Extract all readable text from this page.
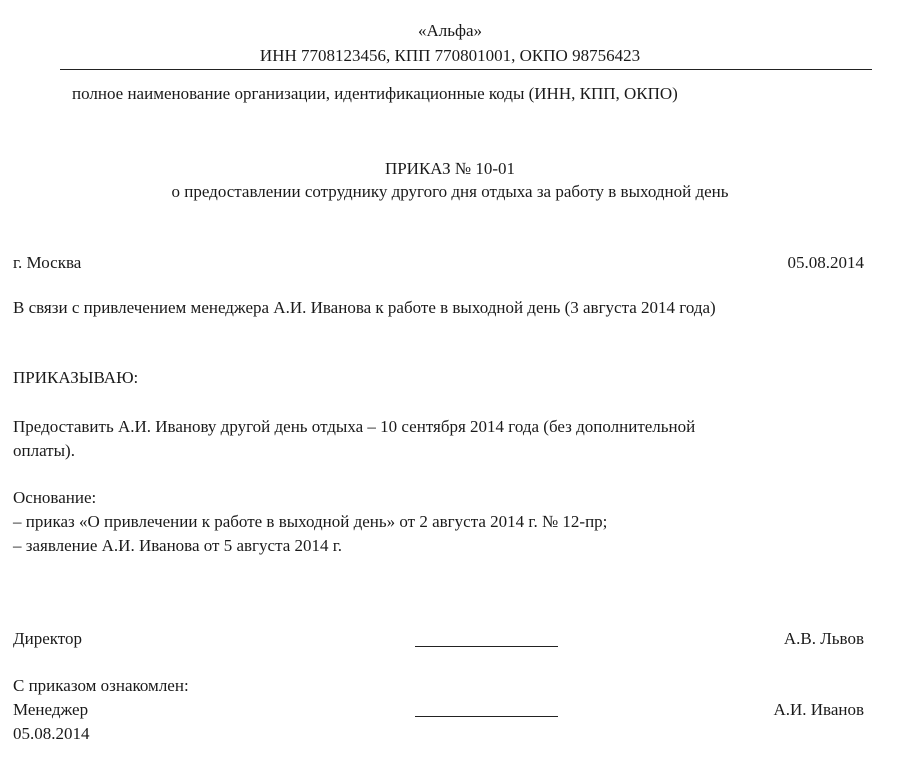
«Альфа»
ИНН 7708123456, КПП 770801001, ОКПО 98756423
полное наименование организации, идентификационные коды (ИНН, КПП, ОКПО)
ПРИКАЗ № 10-01
о предоставлении сотруднику другого дня отдыха за работу в выходной день
г. Москва	05.08.2014
В связи с привлечением менеджера А.И. Иванова к работе в выходной день (3 августа 2014 года)
ПРИКАЗЫВАЮ:
Предоставить А.И. Иванову другой день отдыха – 10 сентября 2014 года (без дополнительной
оплаты).
Основание:
– приказ «О привлечении к работе в выходной день» от 2 августа 2014 г. № 12-пр;
– заявление А.И. Иванова от 5 августа 2014 г.
Директор	А.В. Львов
С приказом ознакомлен:
Менеджер	А.И. Иванов
05.08.2014
